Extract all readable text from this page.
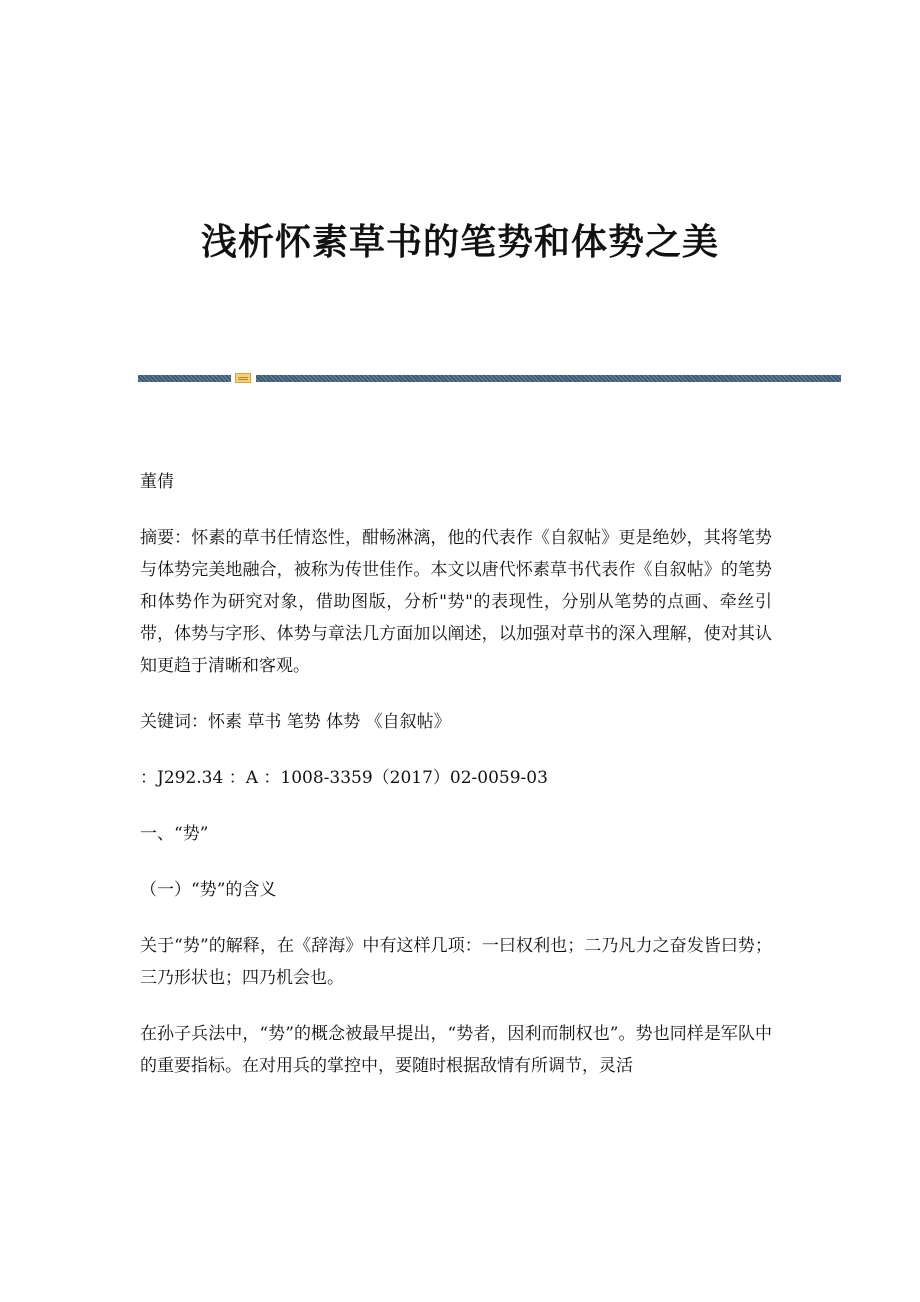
浅析怀素草书的笔势和体势之美

董倩

摘要：怀素的草书任情恣性，酣畅淋漓，他的代表作《自叙帖》更是绝妙，其将笔势与体势完美地融合，被称为传世佳作。本文以唐代怀素草书代表作《自叙帖》的笔势和体势作为研究对象，借助图版，分析"势"的表现性，分别从笔势的点画、牵丝引带，体势与字形、体势与章法几方面加以阐述，以加强对草书的深入理解，使对其认知更趋于清晰和客观。

关键词：怀素 草书 笔势 体势 《自叙帖》

：J292.34 ：A ：1008-3359（2017）02-0059-03

一、“势”

（一）“势”的含义

关于“势”的解释，在《辞海》中有这样几项：一曰权利也；二乃凡力之奋发皆曰势；三乃形状也；四乃机会也。

在孙子兵法中，“势”的概念被最早提出，“势者，因利而制权也”。势也同样是军队中的重要指标。在对用兵的掌控中，要随时根据敌情有所调节，灵活
